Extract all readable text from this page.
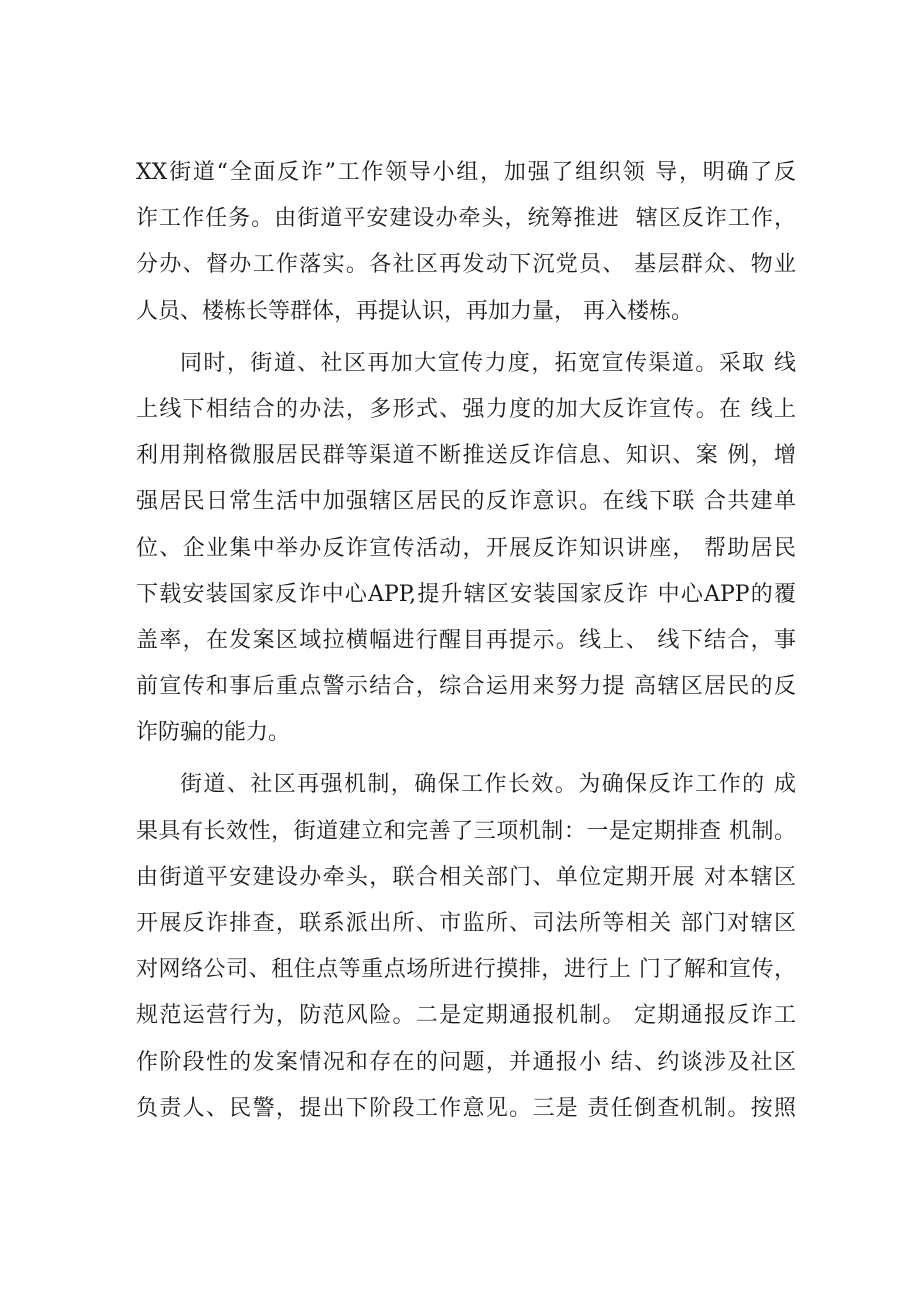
XX街道“全面反诈”工作领导小组，加强了组织领 导，明确了反
诈工作任务。由街道平安建设办牵头，统筹推进  辖区反诈工作，
分办、督办工作落实。各社区再发动下沉党员、 基层群众、物业
人员、楼栋长等群体，再提认识，再加力量， 再入楼栋。
同时，街道、社区再加大宣传力度，拓宽宣传渠道。采取 线
上线下相结合的办法，多形式、强力度的加大反诈宣传。在 线上
利用荆格微服居民群等渠道不断推送反诈信息、知识、案 例，增
强居民日常生活中加强辖区居民的反诈意识。在线下联 合共建单
位、企业集中举办反诈宣传活动，开展反诈知识讲座， 帮助居民
下载安装国家反诈中心APP,提升辖区安装国家反诈 中心APP的覆
盖率，在发案区域拉横幅进行醒目再提示。线上、 线下结合，事
前宣传和事后重点警示结合，综合运用来努力提 高辖区居民的反
诈防骗的能力。
街道、社区再强机制，确保工作长效。为确保反诈工作的 成
果具有长效性，街道建立和完善了三项机制：一是定期排查 机制。
由街道平安建设办牵头，联合相关部门、单位定期开展 对本辖区
开展反诈排查，联系派出所、市监所、司法所等相关 部门对辖区
对网络公司、租住点等重点场所进行摸排，进行上 门了解和宣传，
规范运营行为，防范风险。二是定期通报机制。 定期通报反诈工
作阶段性的发案情况和存在的问题，并通报小 结、约谈涉及社区
负责人、民警，提出下阶段工作意见。三是 责任倒查机制。按照
